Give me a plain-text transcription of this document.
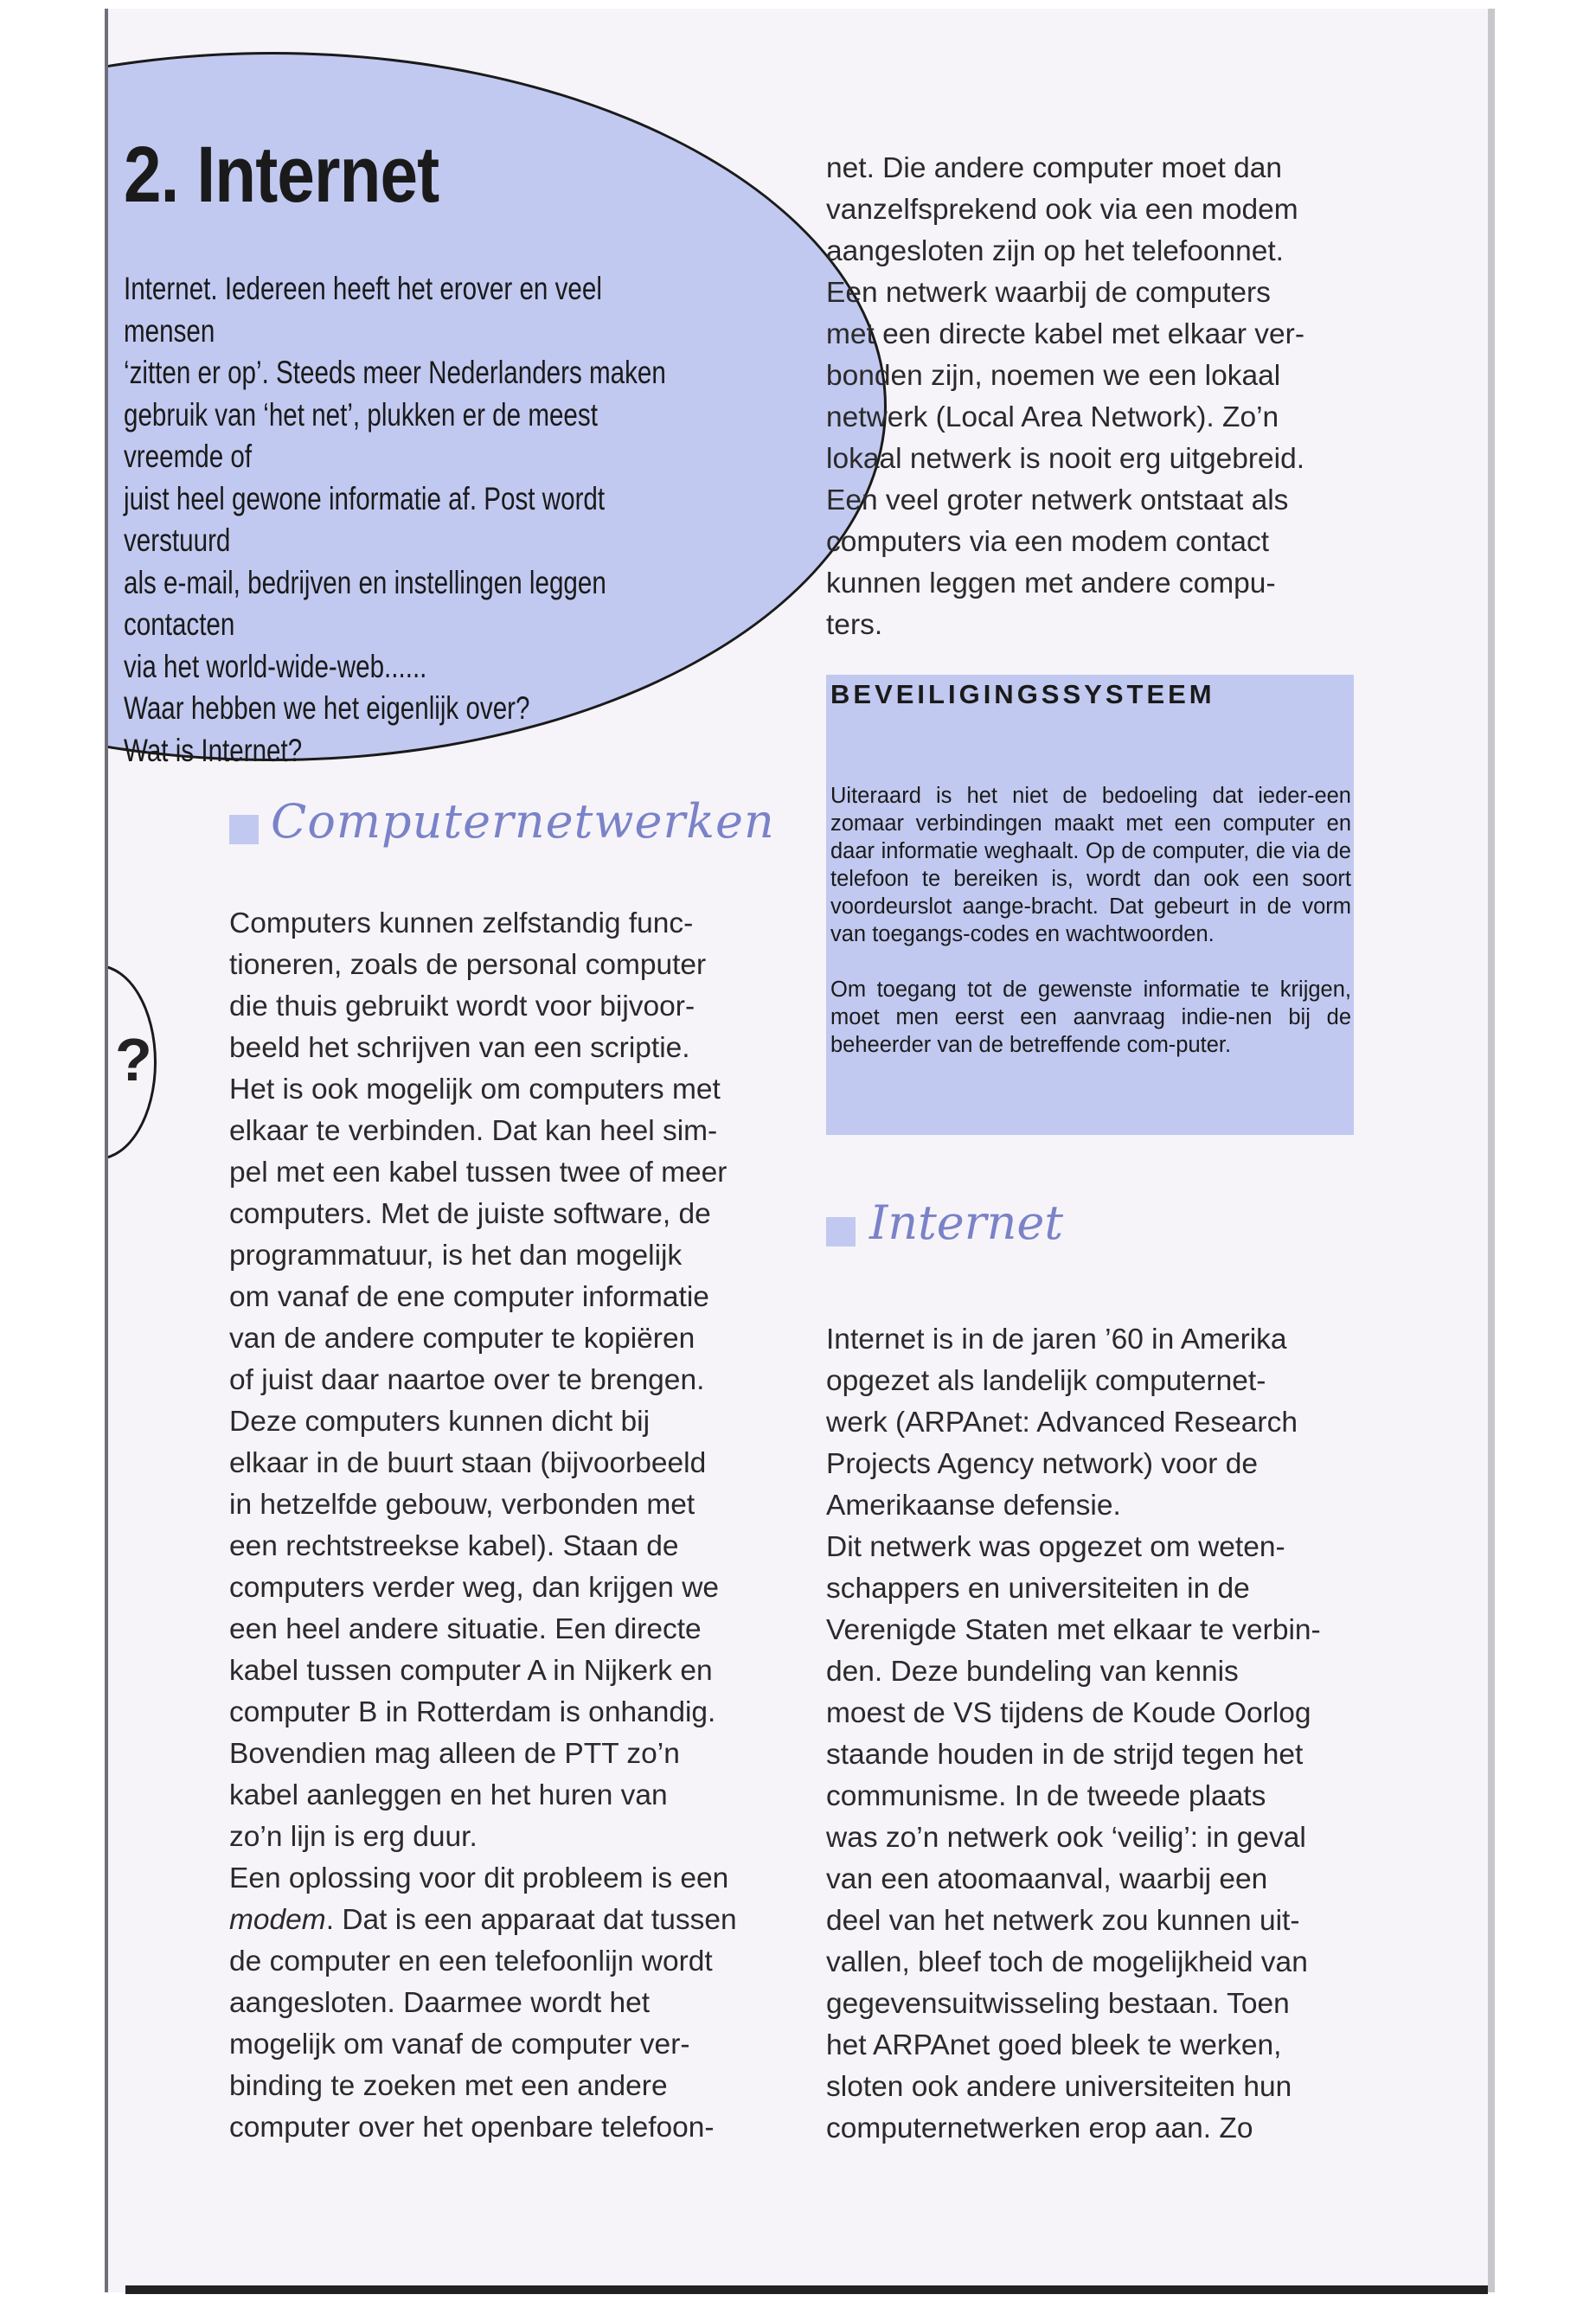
?
2. Internet

Internet. Iedereen heeft het erover en veel mensen
‘zitten er op’. Steeds meer Nederlanders maken
gebruik van ‘het net’, plukken er de meest vreemde of
juist heel gewone informatie af. Post wordt verstuurd
als e-mail, bedrijven en instellingen leggen contacten
via het world-wide-web......
Waar hebben we het eigenlijk over?
Wat is Internet?

Computernetwerken

Computers kunnen zelfstandig func-
tioneren, zoals de personal computer
die thuis gebruikt wordt voor bijvoor-
beeld het schrijven van een scriptie.
Het is ook mogelijk om computers met
elkaar te verbinden. Dat kan heel sim-
pel met een kabel tussen twee of meer
computers. Met de juiste software, de
programmatuur, is het dan mogelijk
om vanaf de ene computer informatie
van de andere computer te kopiëren
of juist daar naartoe over te brengen.
Deze computers kunnen dicht bij
elkaar in de buurt staan (bijvoorbeeld
in hetzelfde gebouw, verbonden met
een rechtstreekse kabel). Staan de
computers verder weg, dan krijgen we
een heel andere situatie. Een directe
kabel tussen computer A in Nijkerk en
computer B in Rotterdam is onhandig.
Bovendien mag alleen de PTT zo’n
kabel aanleggen en het huren van
zo’n lijn is erg duur.
Een oplossing voor dit probleem is een
modem. Dat is een apparaat dat tussen
de computer en een telefoonlijn wordt
aangesloten. Daarmee wordt het
mogelijk om vanaf de computer ver-
binding te zoeken met een andere
computer over het openbare telefoon-

net. Die andere computer moet dan
vanzelfsprekend ook via een modem
aangesloten zijn op het telefoonnet.
Een netwerk waarbij de computers
met een directe kabel met elkaar ver-
bonden zijn, noemen we een lokaal
netwerk (Local Area Network). Zo’n
lokaal netwerk is nooit erg uitgebreid.
Een veel groter netwerk ontstaat als
computers via een modem contact
kunnen leggen met andere compu-
ters.

BEVEILIGINGSSYSTEEM

Uiteraard is het niet de bedoeling dat ieder-een zomaar verbindingen maakt met een computer en daar informatie weghaalt. Op de computer, die via de telefoon te bereiken is, wordt dan ook een soort voordeurslot aange-bracht. Dat gebeurt in de vorm van toegangs-codes en wachtwoorden.

Om toegang tot de gewenste informatie te krijgen, moet men eerst een aanvraag indie-nen bij de beheerder van de betreffende com-puter.

Internet

Internet is in de jaren ’60 in Amerika
opgezet als landelijk computernet-
werk (ARPAnet: Advanced Research
Projects Agency network) voor de
Amerikaanse defensie.
Dit netwerk was opgezet om weten-
schappers en universiteiten in de
Verenigde Staten met elkaar te verbin-
den. Deze bundeling van kennis
moest de VS tijdens de Koude Oorlog
staande houden in de strijd tegen het
communisme. In de tweede plaats
was zo’n netwerk ook ‘veilig’: in geval
van een atoomaanval, waarbij een
deel van het netwerk zou kunnen uit-
vallen, bleef toch de mogelijkheid van
gegevensuitwisseling bestaan. Toen
het ARPAnet goed bleek te werken,
sloten ook andere universiteiten hun
computernetwerken erop aan. Zo
